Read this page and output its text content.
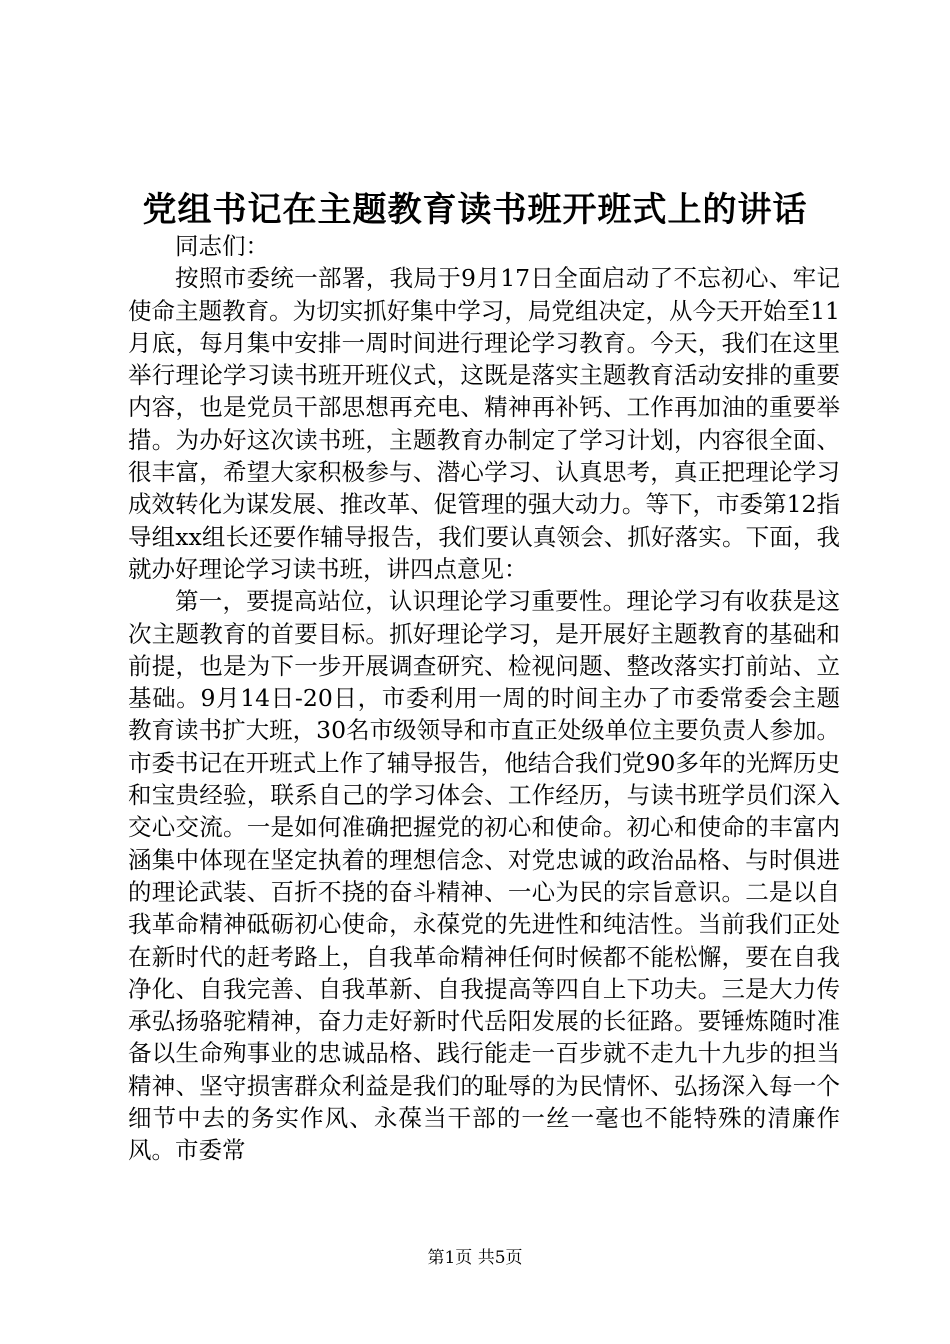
党组书记在主题教育读书班开班式上的讲话

同志们：

按照市委统一部署，我局于9月17日全面启动了不忘初心、牢记使命主题教育。为切实抓好集中学习，局党组决定，从今天开始至11月底，每月集中安排一周时间进行理论学习教育。今天，我们在这里举行理论学习读书班开班仪式，这既是落实主题教育活动安排的重要内容，也是党员干部思想再充电、精神再补钙、工作再加油的重要举措。为办好这次读书班，主题教育办制定了学习计划，内容很全面、很丰富，希望大家积极参与、潜心学习、认真思考，真正把理论学习成效转化为谋发展、推改革、促管理的强大动力。等下，市委第12指导组xx组长还要作辅导报告，我们要认真领会、抓好落实。下面，我就办好理论学习读书班，讲四点意见：

第一，要提高站位，认识理论学习重要性。理论学习有收获是这次主题教育的首要目标。抓好理论学习，是开展好主题教育的基础和前提，也是为下一步开展调查研究、检视问题、整改落实打前站、立基础。9月14日-20日，市委利用一周的时间主办了市委常委会主题教育读书扩大班，30名市级领导和市直正处级单位主要负责人参加。市委书记在开班式上作了辅导报告，他结合我们党90多年的光辉历史和宝贵经验，联系自己的学习体会、工作经历，与读书班学员们深入交心交流。一是如何准确把握党的初心和使命。初心和使命的丰富内涵集中体现在坚定执着的理想信念、对党忠诚的政治品格、与时俱进的理论武装、百折不挠的奋斗精神、一心为民的宗旨意识。二是以自我革命精神砥砺初心使命，永葆党的先进性和纯洁性。当前我们正处在新时代的赶考路上，自我革命精神任何时候都不能松懈，要在自我净化、自我完善、自我革新、自我提高等四自上下功夫。三是大力传承弘扬骆驼精神，奋力走好新时代岳阳发展的长征路。要锤炼随时准备以生命殉事业的忠诚品格、践行能走一百步就不走九十九步的担当精神、坚守损害群众利益是我们的耻辱的为民情怀、弘扬深入每一个细节中去的务实作风、永葆当干部的一丝一毫也不能特殊的清廉作风。市委常

第1页 共5页
